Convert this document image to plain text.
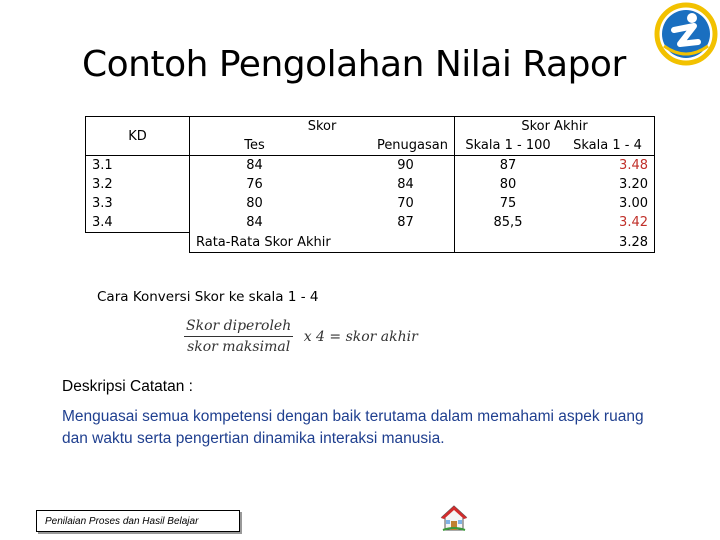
Contoh Pengolahan Nilai Rapor
KD	Skor		Skor Akhir	
	Tes	Penugasan	Skala 1 - 100	Skala 1 - 4
3.1	84	90	87	3.48
3.2	76	84	80	3.20
3.3	80	70	75	3.00
3.4	84	87	85,5	3.42
	Rata-Rata Skor Akhir			3.28
Cara Konversi Skor ke skala 1 - 4
$\frac{\text{Skor diperoleh}}{\text{skor maksimal}}$ x 4 = skor akhir
Deskripsi Catatan :
Menguasai semua kompetensi dengan baik terutama dalam memahami aspek ruang dan waktu serta pengertian dinamika interaksi manusia.
Penilaian Proses dan Hasil Belajar
